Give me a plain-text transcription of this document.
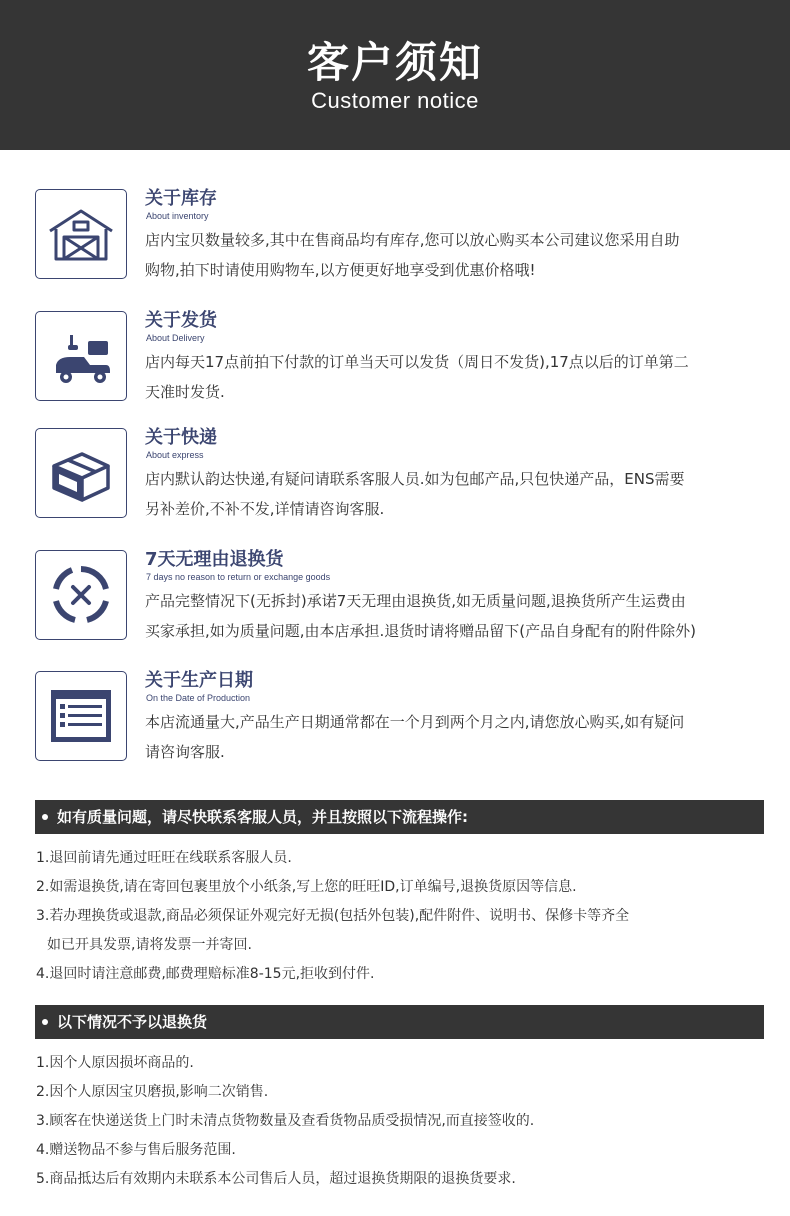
客户须知
Customer notice
关于库存
About inventory
店内宝贝数量较多,其中在售商品均有库存,您可以放心购买本公司建议您采用自助
购物,拍下时请使用购物车,以方便更好地享受到优惠价格哦!
关于发货
About Delivery
店内每天17点前拍下付款的订单当天可以发货（周日不发货),17点以后的订单第二
天准时发货.
关于快递
About express
店内默认韵达快递,有疑问请联系客服人员.如为包邮产品,只包快递产品，ENS需要
另补差价,不补不发,详情请咨询客服.
7天无理由退换货
7 days no reason to return or exchange goods
产品完整情况下(无拆封)承诺7天无理由退换货,如无质量问题,退换货所产生运费由
买家承担,如为质量问题,由本店承担.退货时请将赠品留下(产品自身配有的附件除外)
关于生产日期
On the Date of Production
本店流通量大,产品生产日期通常都在一个月到两个月之内,请您放心购买,如有疑问
请咨询客服.
如有质量问题，请尽快联系客服人员，并且按照以下流程操作:
1.退回前请先通过旺旺在线联系客服人员.
2.如需退换货,请在寄回包裹里放个小纸条,写上您的旺旺ID,订单编号,退换货原因等信息.
3.若办理换货或退款,商品必须保证外观完好无损(包括外包装),配件附件、说明书、保修卡等齐全
如已开具发票,请将发票一并寄回.
4.退回时请注意邮费,邮费理赔标准8-15元,拒收到付件.
以下情况不予以退换货
1.因个人原因损坏商品的.
2.因个人原因宝贝磨损,影响二次销售.
3.顾客在快递送货上门时未清点货物数量及查看货物品质受损情况,而直接签收的.
4.赠送物品不参与售后服务范围.
5.商品抵达后有效期内未联系本公司售后人员，超过退换货期限的退换货要求.
